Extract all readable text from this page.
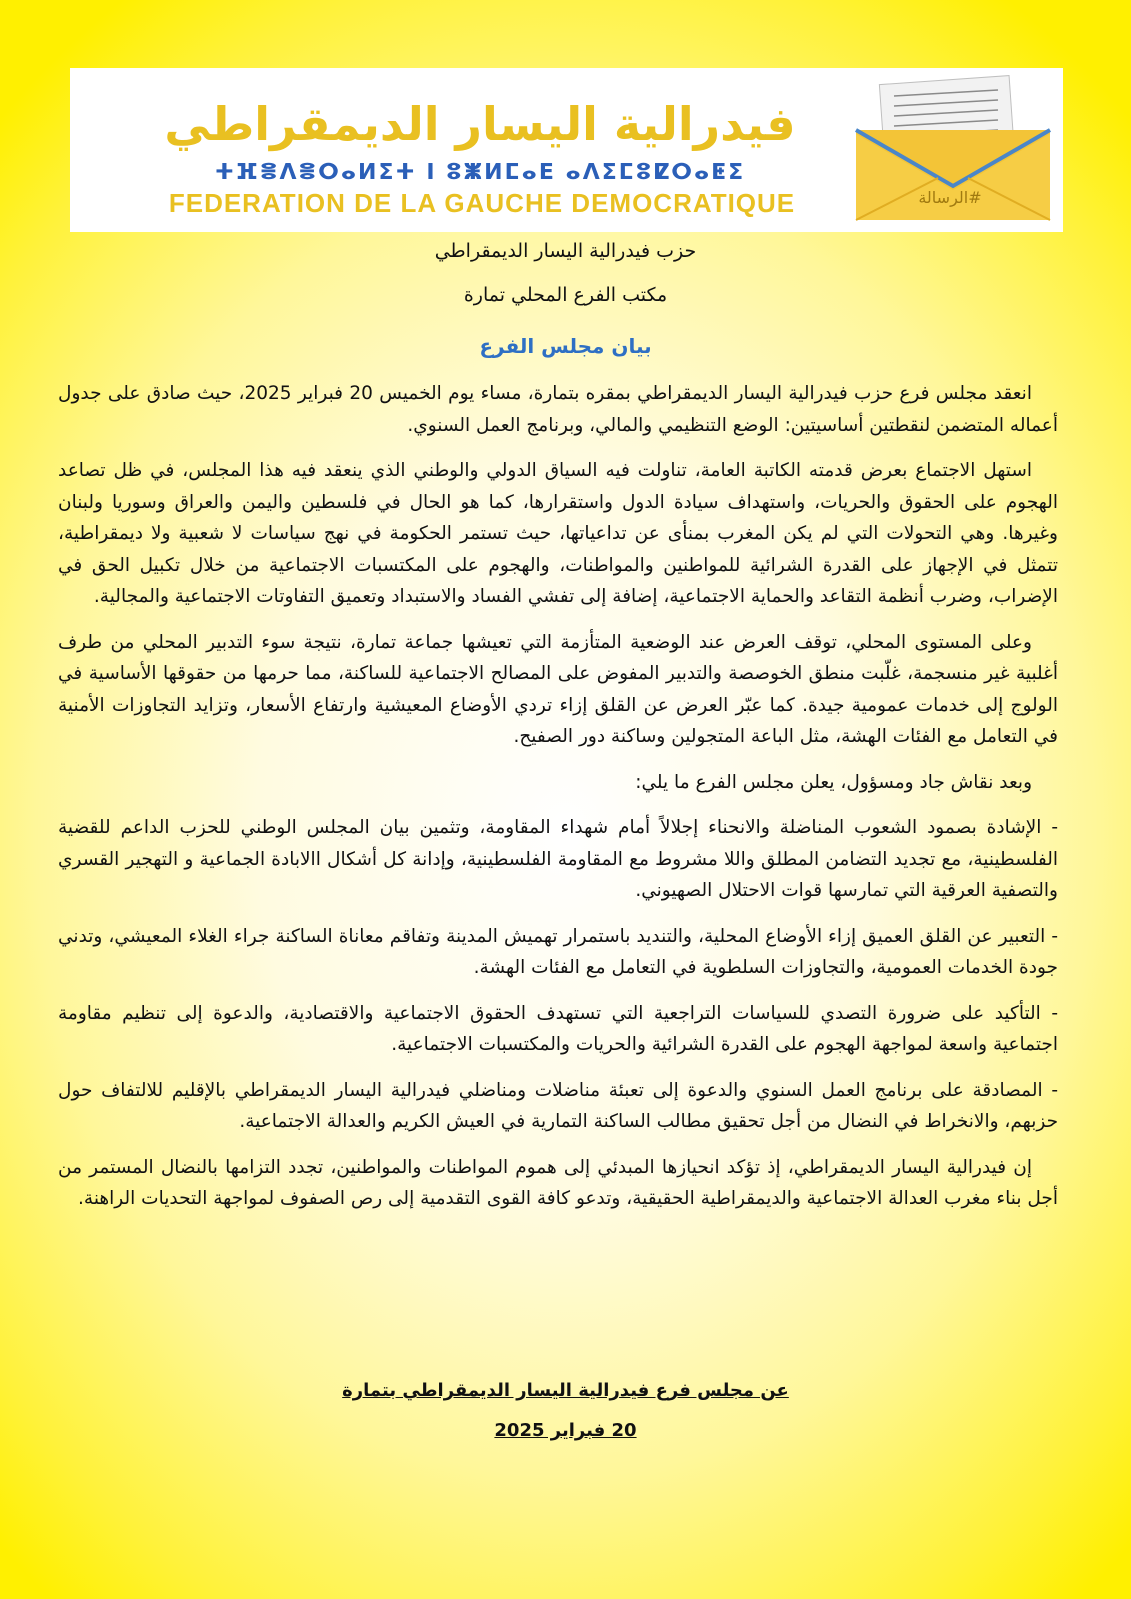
فيدرالية اليسار الديمقراطي
ⵜⴼⴻⴷⴻⵔⴰⵍⵉⵜ ⵏ ⵓⵥⵍⵎⴰⴹ ⴰⴷⵉⵎⵓⵇⵔⴰⵟⵉ
FEDERATION DE LA GAUCHE DEMOCRATIQUE	#الرسالة
حزب فيدرالية اليسار الديمقراطي
مكتب الفرع المحلي تمارة
بيان مجلس الفرع

انعقد مجلس فرع حزب فيدرالية اليسار الديمقراطي بمقره بتمارة، مساء يوم الخميس 20 فبراير 2025، حيث صادق على جدول أعماله المتضمن لنقطتين أساسيتين: الوضع التنظيمي والمالي، وبرنامج العمل السنوي.

استهل الاجتماع بعرض قدمته الكاتبة العامة، تناولت فيه السياق الدولي والوطني الذي ينعقد فيه هذا المجلس، في ظل تصاعد الهجوم على الحقوق والحريات، واستهداف سيادة الدول واستقرارها، كما هو الحال في فلسطين واليمن والعراق وسوريا ولبنان وغيرها. وهي التحولات التي لم يكن المغرب بمنأى عن تداعياتها، حيث تستمر الحكومة في نهج سياسات لا شعبية ولا ديمقراطية، تتمثل في الإجهاز على القدرة الشرائية للمواطنين والمواطنات، والهجوم على المكتسبات الاجتماعية من خلال تكبيل الحق في الإضراب، وضرب أنظمة التقاعد والحماية الاجتماعية، إضافة إلى تفشي الفساد والاستبداد وتعميق التفاوتات الاجتماعية والمجالية.

وعلى المستوى المحلي، توقف العرض عند الوضعية المتأزمة التي تعيشها جماعة تمارة، نتيجة سوء التدبير المحلي من طرف أغلبية غير منسجمة، غلّبت منطق الخوصصة والتدبير المفوض على المصالح الاجتماعية للساكنة، مما حرمها من حقوقها الأساسية في الولوج إلى خدمات عمومية جيدة. كما عبّر العرض عن القلق إزاء تردي الأوضاع المعيشية وارتفاع الأسعار، وتزايد التجاوزات الأمنية في التعامل مع الفئات الهشة، مثل الباعة المتجولين وساكنة دور الصفيح.

وبعد نقاش جاد ومسؤول، يعلن مجلس الفرع ما يلي:

- الإشادة بصمود الشعوب المناضلة والانحناء إجلالاً أمام شهداء المقاومة، وتثمين بيان المجلس الوطني للحزب الداعم للقضية الفلسطينية، مع تجديد التضامن المطلق واللا مشروط مع المقاومة الفلسطينية، وإدانة كل أشكال االابادة الجماعية و التهجير القسري والتصفية العرقية التي تمارسها قوات الاحتلال الصهيوني.

- التعبير عن القلق العميق إزاء الأوضاع المحلية، والتنديد باستمرار تهميش المدينة وتفاقم معاناة الساكنة جراء الغلاء المعيشي، وتدني جودة الخدمات العمومية، والتجاوزات السلطوية في التعامل مع الفئات الهشة.

- التأكيد على ضرورة التصدي للسياسات التراجعية التي تستهدف الحقوق الاجتماعية والاقتصادية، والدعوة إلى تنظيم مقاومة اجتماعية واسعة لمواجهة الهجوم على القدرة الشرائية والحريات والمكتسبات الاجتماعية.

- المصادقة على برنامج العمل السنوي والدعوة إلى تعبئة مناضلات ومناضلي فيدرالية اليسار الديمقراطي بالإقليم للالتفاف حول حزبهم، والانخراط في النضال من أجل تحقيق مطالب الساكنة التمارية في العيش الكريم والعدالة الاجتماعية.

إن فيدرالية اليسار الديمقراطي، إذ تؤكد انحيازها المبدئي إلى هموم المواطنات والمواطنين، تجدد التزامها بالنضال المستمر من أجل بناء مغرب العدالة الاجتماعية والديمقراطية الحقيقية، وتدعو كافة القوى التقدمية إلى رص الصفوف لمواجهة التحديات الراهنة.

عن مجلس فرع فيدرالية اليسار الديمقراطي بتمارة
20 فبراير 2025
